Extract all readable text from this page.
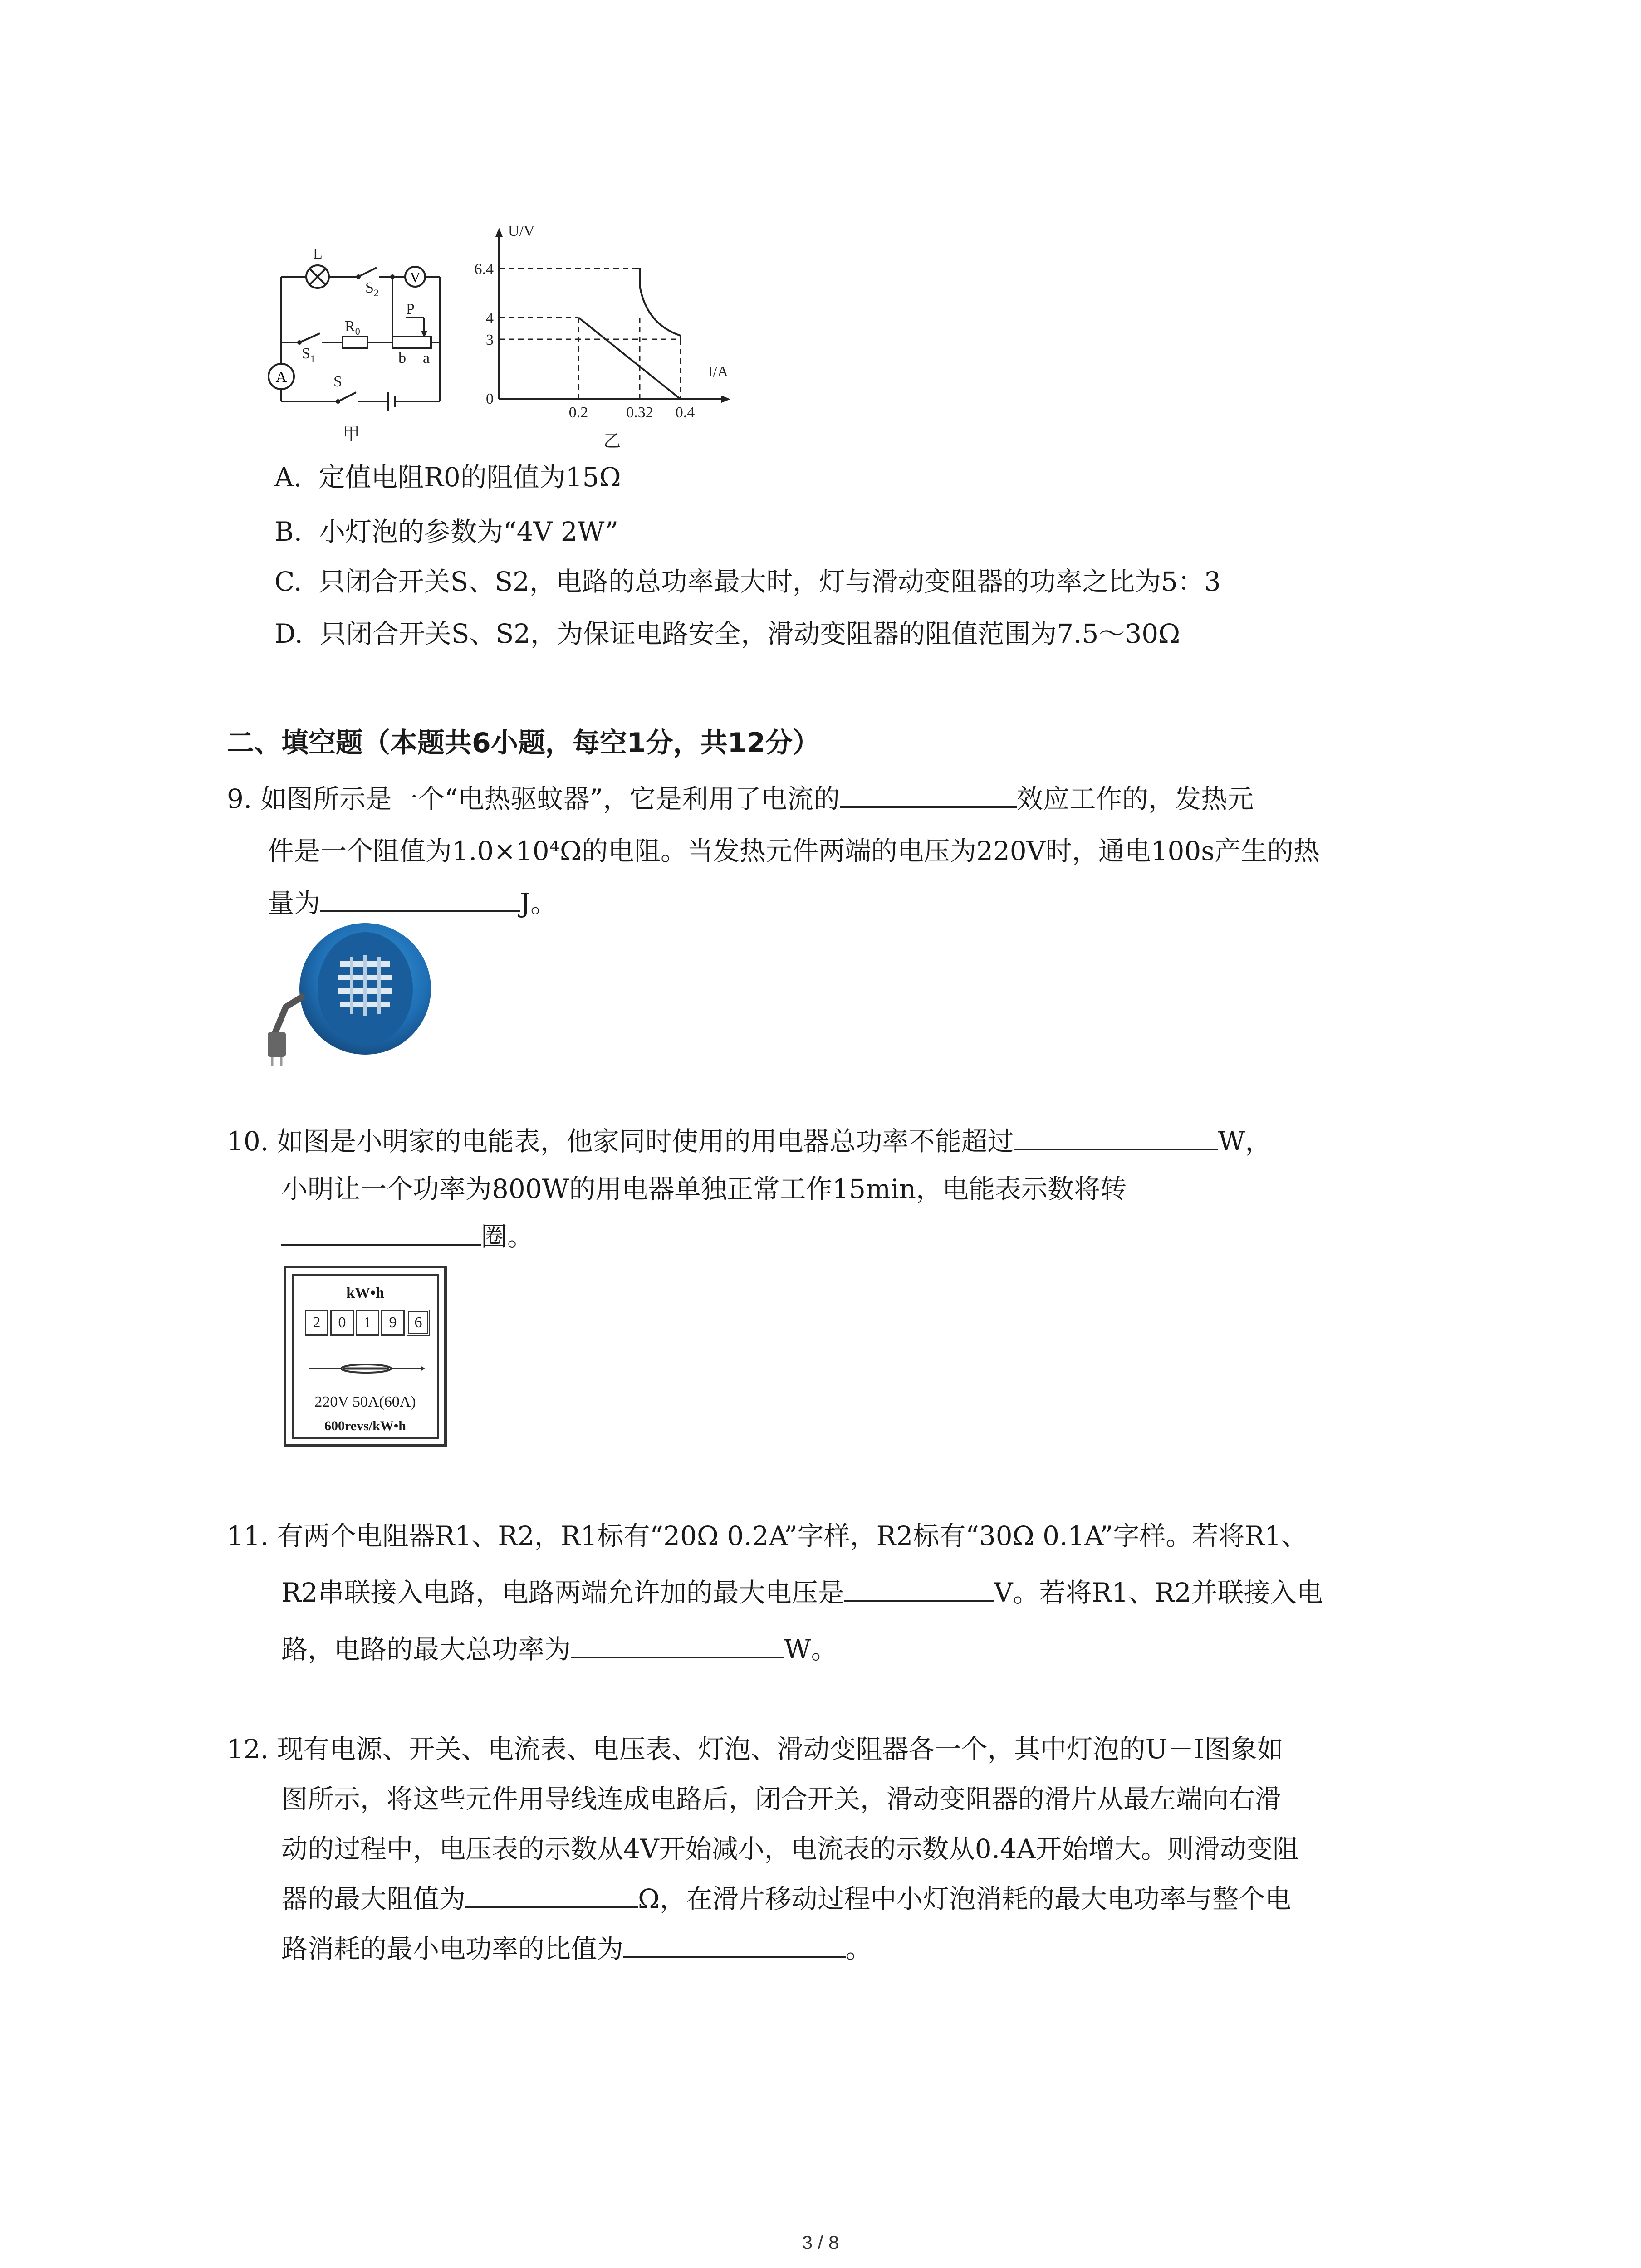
V
A
L
$S_2$
$R_0$
P
b a
$S_1$
S
甲
U/V
I/A
6.4
4
3
0
0.2 0.32 0.4
乙
A. 定值电阻R0的阻值为15Ω
B. 小灯泡的参数为“4V 2W”
C. 只闭合开关S、S2，电路的总功率最大时，灯与滑动变阻器的功率之比为5：3
D. 只闭合开关S、S2，为保证电路安全，滑动变阻器的阻值范围为7.5～30Ω
二、填空题（本题共6小题，每空1分，共12分）
9. 如图所示是一个“电热驱蚊器”，它是利用了电流的	效应工作的，发热元
件是一个阻值为1.0×10⁴Ω的电阻。当发热元件两端的电压为220V时，通电100s产生的热
量为	J。
10. 如图是小明家的电能表，他家同时使用的用电器总功率不能超过	W，
小明让一个功率为800W的用电器单独正常工作15min，电能表示数将转
圈。
kW•h
2	0	1	9	6
220V 50A(60A)
600revs/kW•h
11. 有两个电阻器R1、R2，R1标有“20Ω 0.2A”字样，R2标有“30Ω 0.1A”字样。若将R1、
R2串联接入电路，电路两端允许加的最大电压是	V。若将R1、R2并联接入电
路，电路的最大总功率为	W。
12. 现有电源、开关、电流表、电压表、灯泡、滑动变阻器各一个，其中灯泡的U－I图象如
图所示，将这些元件用导线连成电路后，闭合开关，滑动变阻器的滑片从最左端向右滑
动的过程中，电压表的示数从4V开始减小，电流表的示数从0.4A开始增大。则滑动变阻
器的最大阻值为	Ω，在滑片移动过程中小灯泡消耗的最大电功率与整个电
路消耗的最小电功率的比值为	。
3 / 8
